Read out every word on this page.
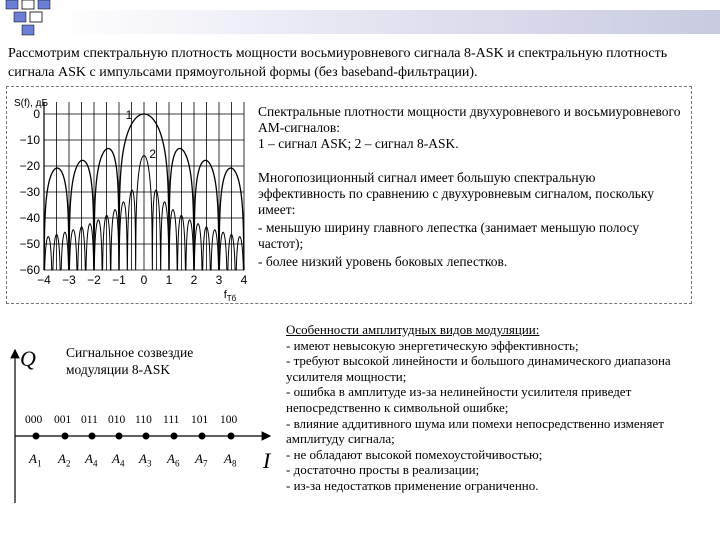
Рассмотрим спектральную плотность мощности восьмиуровневого сигнала 8-ASK и спектральную плотность сигнала ASK с импульсами прямоугольной формы (без baseband-фильтрации).
0
−10
−20
−30
−40
−50
−60
−4 −3 −2 −1 0 1 2 3 4
S(f), дБ
$f_{Tб}$
1
2

Спектральные плотности мощности двухуровневого и восьмиуровневого АМ-сигналов:
1 – сигнал ASK; 2 – сигнал 8-ASK.

Многопозиционный сигнал имеет большую спектральную эффективность по сравнению с двухуровневым сигналом, поскольку имеет:

- меньшую ширину главного лепестка (занимает меньшую полосу частот);

- более низкий уровень боковых лепестков.

Сигнальное созвездие модуляции 8-ASK
Q
I
000 001 011 010 110 111 101 100
$A_1$ $A_2$ $A_4$ $A_4$ $A_3$ $A_6$ $A_7$ $A_8$
Особенности амплитудных видов модуляции:
- имеют невысокую энергетическую эффективность;
- требуют высокой линейности и большого динамического диапазона усилителя мощности;
- ошибка в амплитуде из-за нелинейности усилителя приведет непосредственно к символьной ошибке;
- влияние аддитивного шума или помехи непосредственно изменяет амплитуду сигнала;
- не обладают высокой помехоустойчивостью;
- достаточно просты в реализации;
- из-за недостатков применение ограниченно.
